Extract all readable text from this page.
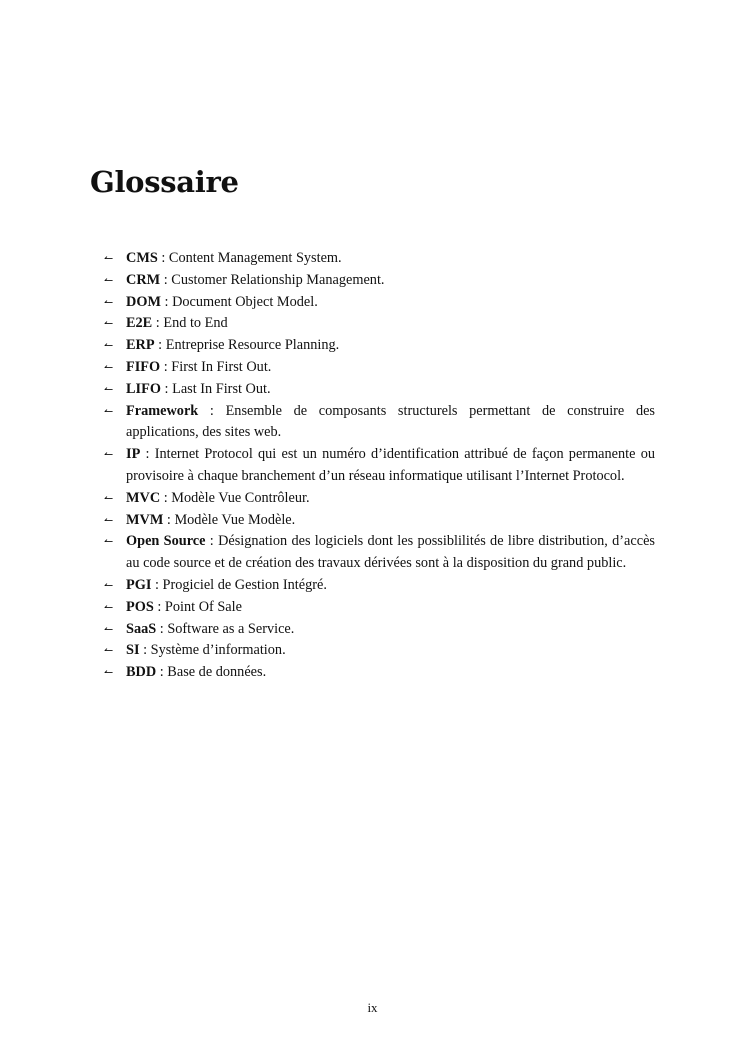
Glossaire
↼ CMS : Content Management System.
↼ CRM : Customer Relationship Management.
↼ DOM : Document Object Model.
↼ E2E : End to End
↼ ERP : Entreprise Resource Planning.
↼ FIFO : First In First Out.
↼ LIFO : Last In First Out.
↼ Framework : Ensemble de composants structurels permettant de construire des applications, des sites web.
↼ IP : Internet Protocol qui est un numéro d’identification attribué de façon permanente ou provisoire à chaque branchement d’un réseau informatique utilisant l’Internet Protocol.
↼ MVC : Modèle Vue Contrôleur.
↼ MVM : Modèle Vue Modèle.
↼ Open Source : Désignation des logiciels dont les possiblilités de libre distribution, d’accès au code source et de création des travaux dérivées sont à la disposition du grand public.
↼ PGI : Progiciel de Gestion Intégré.
↼ POS : Point Of Sale
↼ SaaS : Software as a Service.
↼ SI : Système d’information.
↼ BDD : Base de données.
ix
